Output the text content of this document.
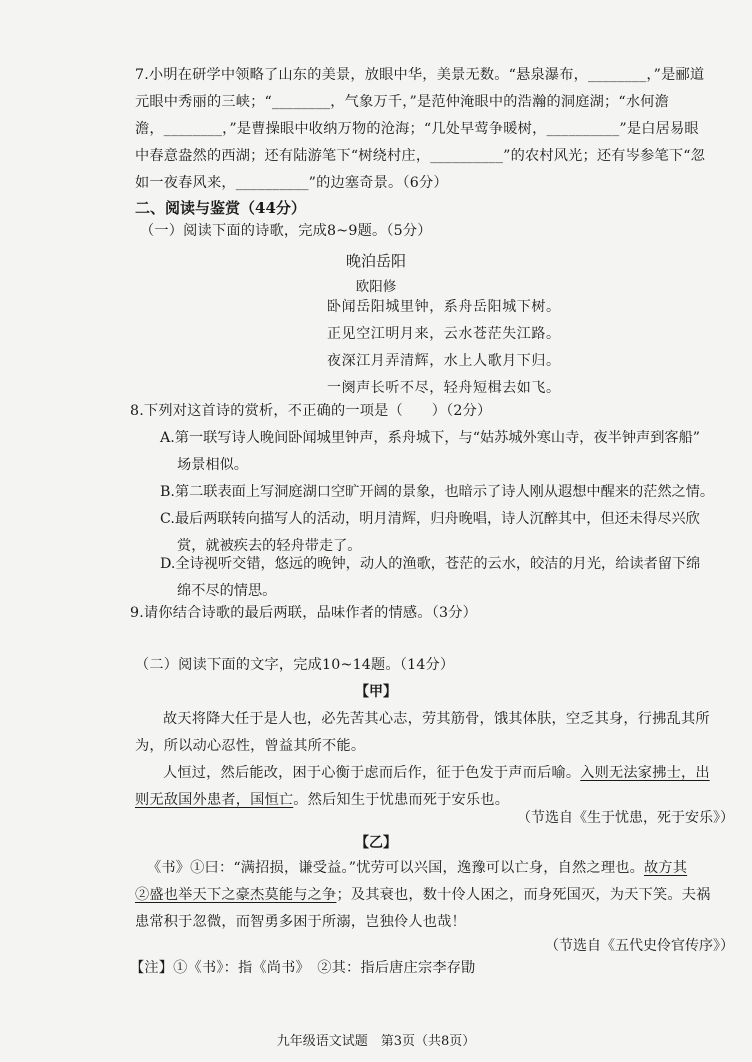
7.小明在研学中领略了山东的美景，放眼中华，美景无数。“悬泉瀑布，________，”是郦道
元眼中秀丽的三峡；“________，气象万千，”是范仲淹眼中的浩瀚的洞庭湖；“水何澹
澹，________，”是曹操眼中收纳万物的沧海；“几处早莺争暖树，__________”是白居易眼
中春意盎然的西湖；还有陆游笔下“树绕村庄，__________”的农村风光；还有岑参笔下“忽
如一夜春风来，__________”的边塞奇景。（6分）
二、阅读与鉴赏（44分）
（一）阅读下面的诗歌，完成8~9题。（5分）
晚泊岳阳
欧阳修
卧闻岳阳城里钟，系舟岳阳城下树。
正见空江明月来，云水苍茫失江路。
夜深江月弄清辉，水上人歌月下归。
一阕声长听不尽，轻舟短楫去如飞。
8.下列对这首诗的赏析，不正确的一项是（　　）（2分）
A.第一联写诗人晚间卧闻城里钟声，系舟城下，与“姑苏城外寒山寺，夜半钟声到客船”
场景相似。
B.第二联表面上写洞庭湖口空旷开阔的景象，也暗示了诗人刚从遐想中醒来的茫然之情。
C.最后两联转向描写人的活动，明月清辉，归舟晚唱，诗人沉醉其中，但还未得尽兴欣
赏，就被疾去的轻舟带走了。
D.全诗视听交错，悠远的晚钟，动人的渔歌，苍茫的云水，皎洁的月光，给读者留下绵
绵不尽的情思。
9.请你结合诗歌的最后两联，品味作者的情感。（3分）
（二）阅读下面的文字，完成10~14题。（14分）
【甲】
故天将降大任于是人也，必先苦其心志，劳其筋骨，饿其体肤，空乏其身，行拂乱其所
为，所以动心忍性，曾益其所不能。
人恒过，然后能改，困于心衡于虑而后作，征于色发于声而后喻。入则无法家拂士，出
则无敌国外患者，国恒亡。然后知生于忧患而死于安乐也。
（节选自《生于忧患，死于安乐》）
【乙】
《书》①曰：“满招损，谦受益。”忧劳可以兴国，逸豫可以亡身，自然之理也。故方其
②盛也举天下之豪杰莫能与之争；及其衰也，数十伶人困之，而身死国灭，为天下笑。夫祸
患常积于忽微，而智勇多困于所溺，岂独伶人也哉！
（节选自《五代史伶官传序》）
【注】①《书》：指《尚书》　②其：指后唐庄宗李存勖
九年级语文试题　第3页（共8页）
